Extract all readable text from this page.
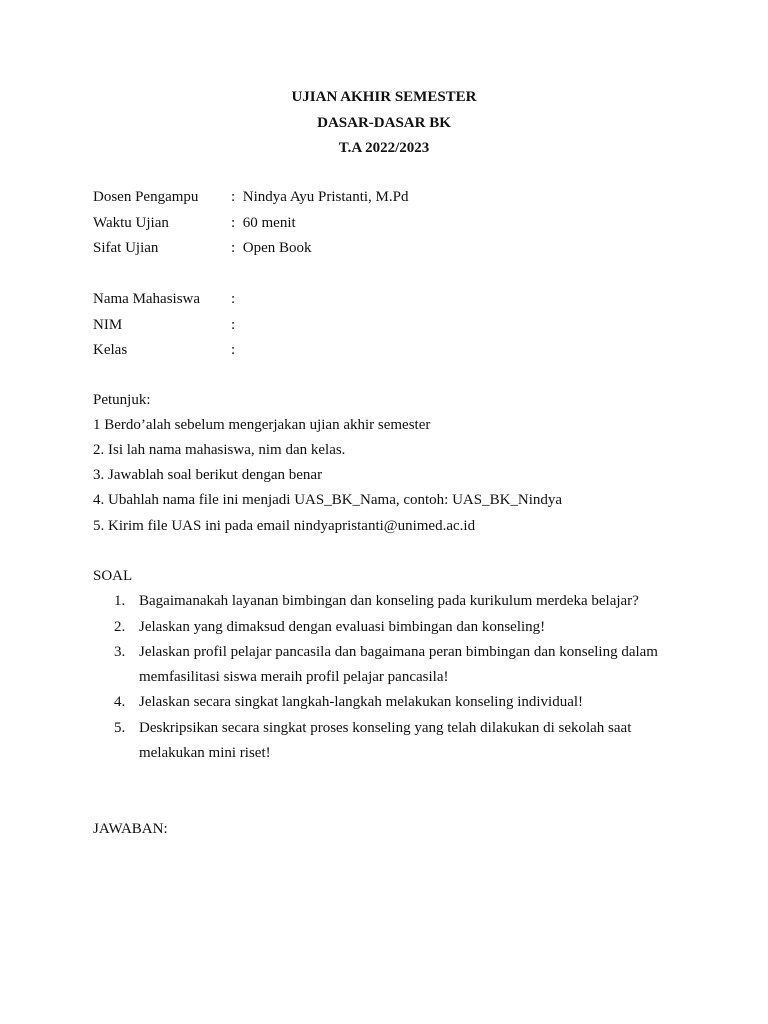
UJIAN AKHIR SEMESTER
DASAR-DASAR BK
T.A 2022/2023
Dosen Pengampu : Nindya Ayu Pristanti, M.Pd
Waktu Ujian	: 60 menit
Sifat Ujian	: Open Book
Nama Mahasiswa :
NIM	:
Kelas	:
Petunjuk:
1 Berdo’alah sebelum mengerjakan ujian akhir semester
2. Isi lah nama mahasiswa, nim dan kelas.
3. Jawablah soal berikut dengan benar
4. Ubahlah nama file ini menjadi UAS_BK_Nama, contoh: UAS_BK_Nindya
5. Kirim file UAS ini pada email nindyapristanti@unimed.ac.id
SOAL
1. Bagaimanakah layanan bimbingan dan konseling pada kurikulum merdeka belajar?
2. Jelaskan yang dimaksud dengan evaluasi bimbingan dan konseling!
3. Jelaskan profil pelajar pancasila dan bagaimana peran bimbingan dan konseling dalam
memfasilitasi siswa meraih profil pelajar pancasila!
4. Jelaskan secara singkat langkah-langkah melakukan konseling individual!
5. Deskripsikan secara singkat proses konseling yang telah dilakukan di sekolah saat
melakukan mini riset!
JAWABAN:
